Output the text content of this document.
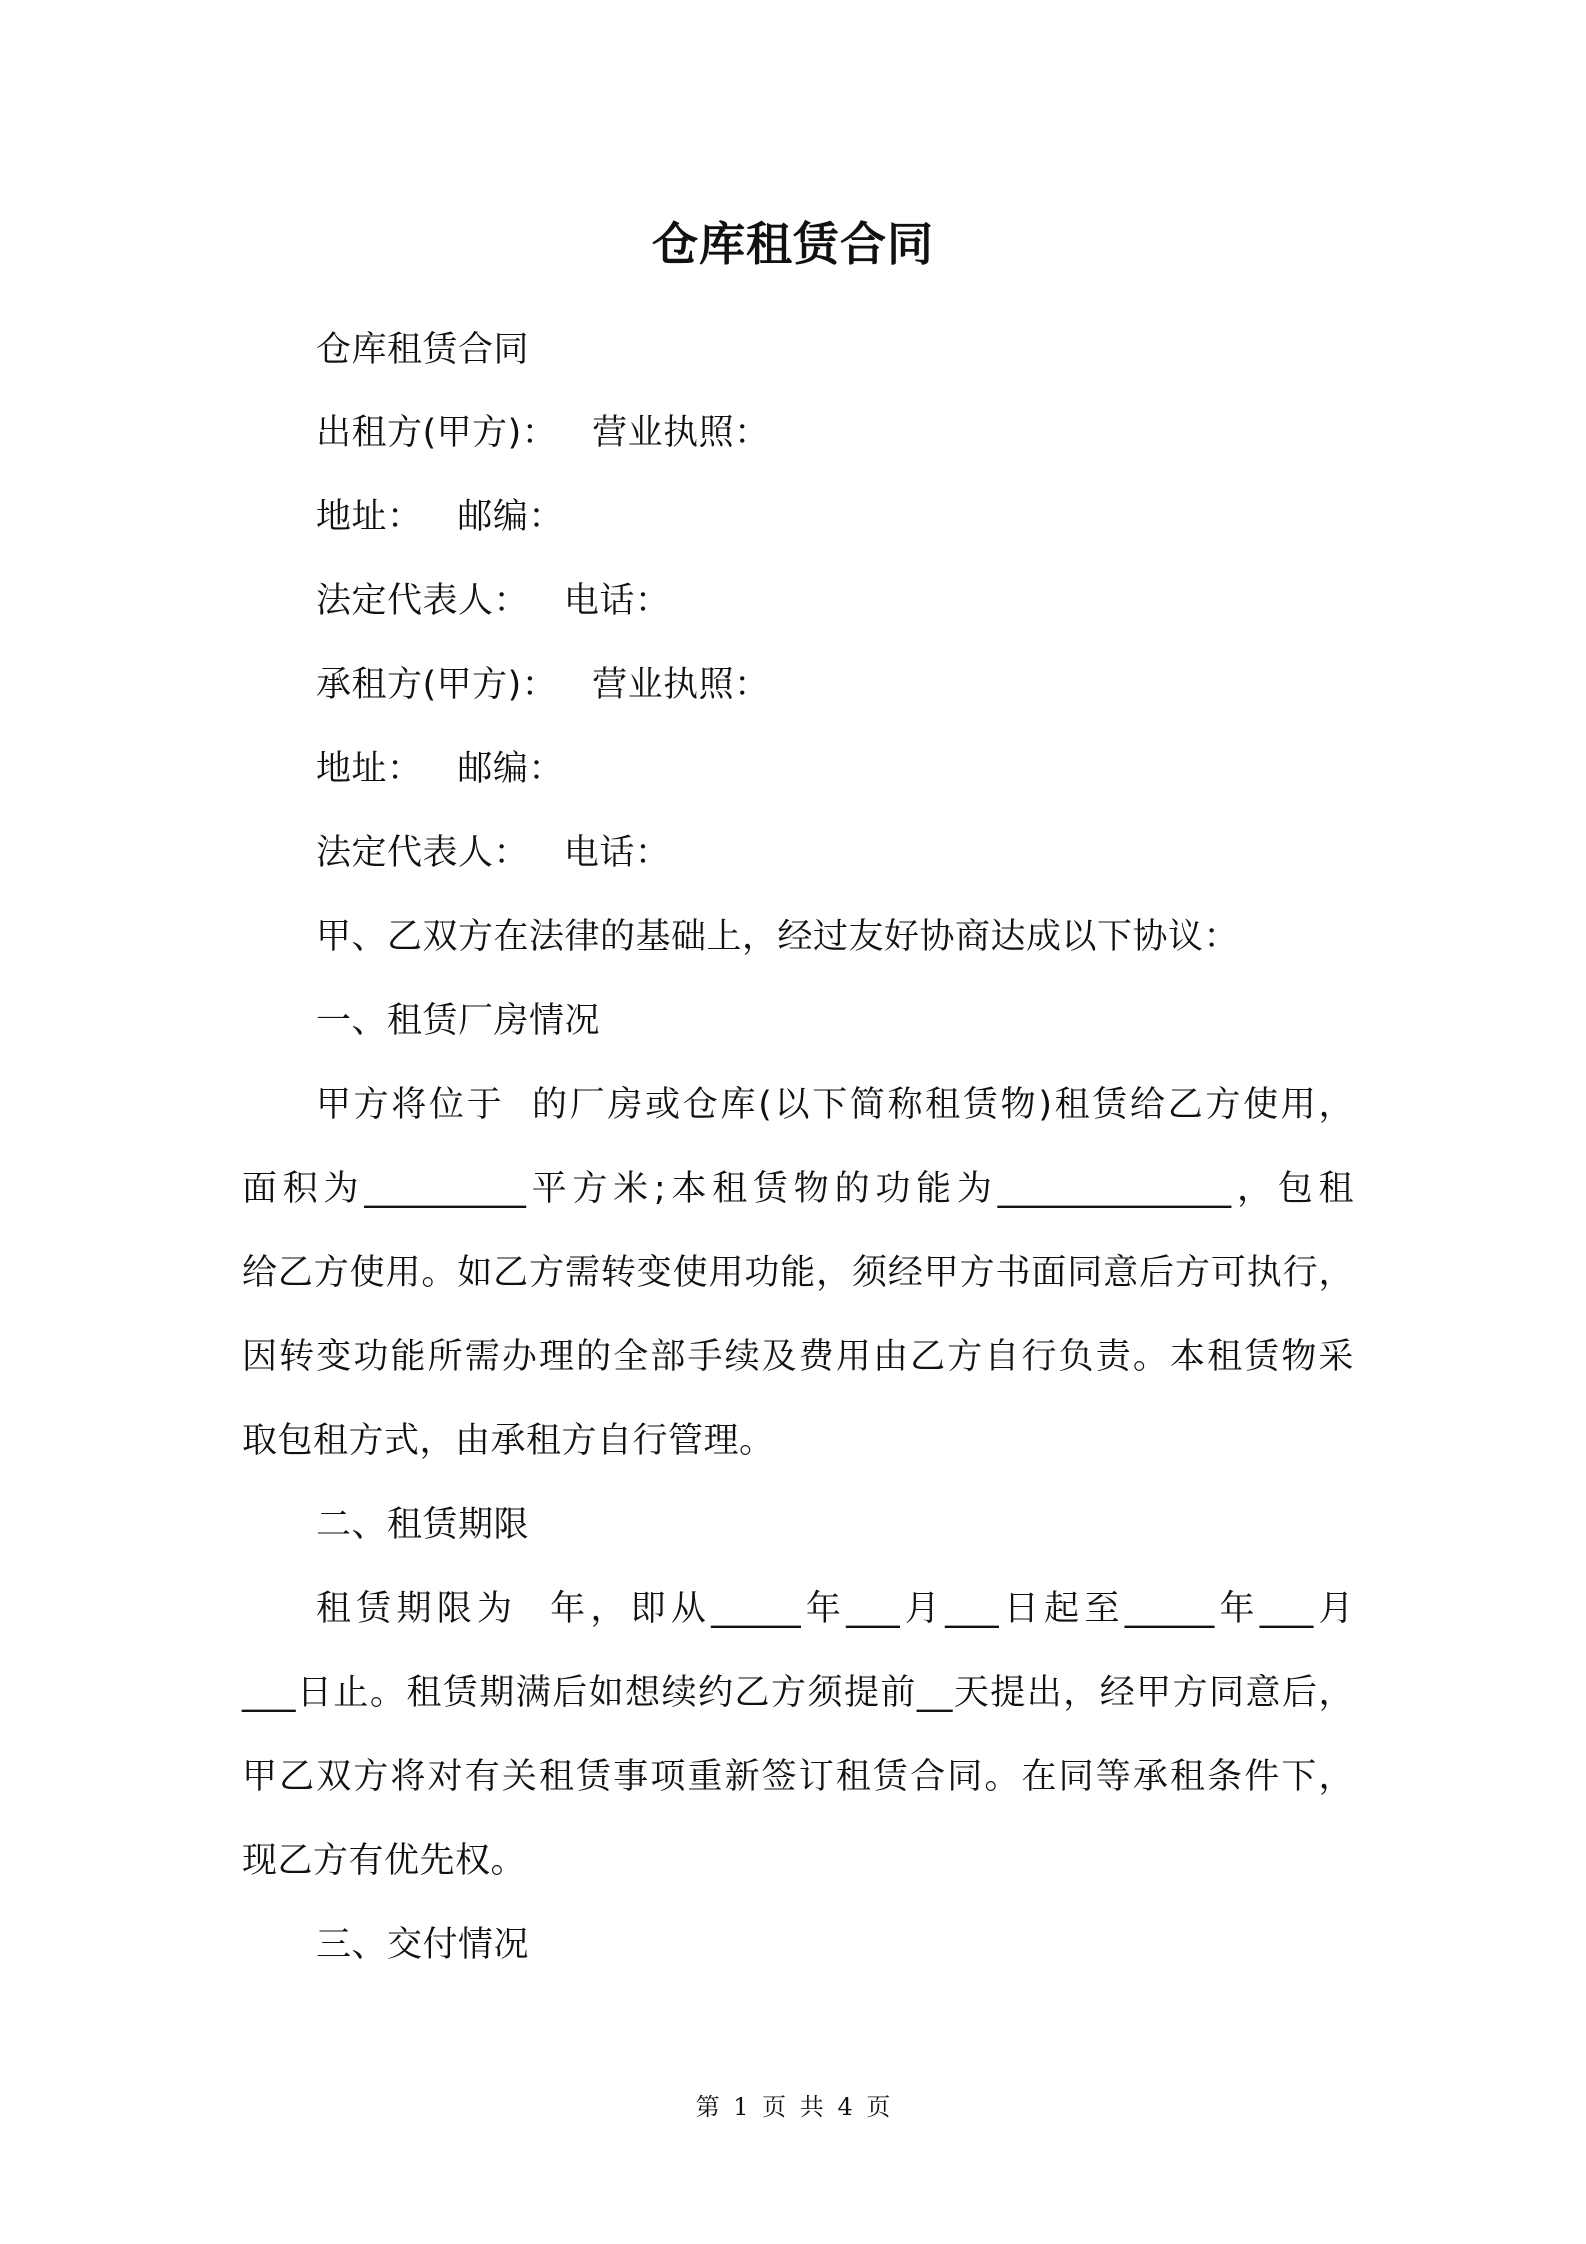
仓库租赁合同
仓库租赁合同
出租方(甲方)：   营业执照：
地址：   邮编：
法定代表人：   电话：
承租方(甲方)：   营业执照：
地址：   邮编：
法定代表人：   电话：
甲、乙双方在法律的基础上，经过友好协商达成以下协议：
一、租赁厂房情况
甲方将位于  的厂房或仓库(以下简称租赁物)租赁给乙方使用，
面积为_________平方米;本租赁物的功能为_____________，包租
给乙方使用。如乙方需转变使用功能，须经甲方书面同意后方可执行，
因转变功能所需办理的全部手续及费用由乙方自行负责。本租赁物采
取包租方式，由承租方自行管理。
二、租赁期限
租赁期限为  年，即从_____年___月___日起至_____年___月
___日止。租赁期满后如想续约乙方须提前__天提出，经甲方同意后，
甲乙双方将对有关租赁事项重新签订租赁合同。在同等承租条件下，
现乙方有优先权。
三、交付情况
第 1 页 共 4 页
